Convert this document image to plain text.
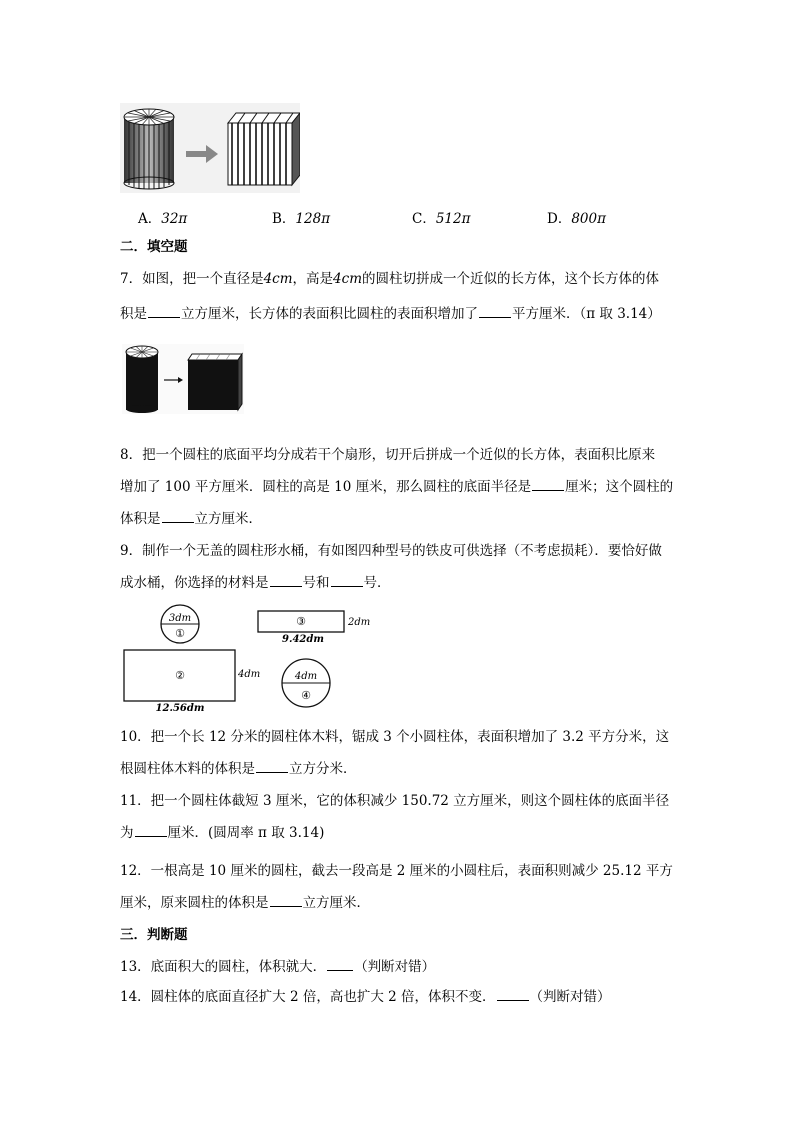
A．32π	B．128π	C．512π	D．800π
二．填空题
7．如图，把一个直径是4cm，高是4cm的圆柱切拼成一个近似的长方体，这个长方体的体
积是	立方厘米，长方体的表面积比圆柱的表面积增加了	平方厘米．（π 取 3.14）
8．把一个圆柱的底面平均分成若干个扇形，切开后拼成一个近似的长方体，表面积比原来
增加了 100 平方厘米．圆柱的高是 10 厘米，那么圆柱的底面半径是	厘米；这个圆柱的
体积是	立方厘米．
9．制作一个无盖的圆柱形水桶，有如图四种型号的铁皮可供选择（不考虑损耗）．要恰好做
成水桶，你选择的材料是	号和	号．
3dm
①
③	2dm
9.42dm
②	4dm
12.56dm
4dm
④
10．把一个长 12 分米的圆柱体木料，锯成 3 个小圆柱体，表面积增加了 3.2 平方分米，这
根圆柱体木料的体积是	立方分米．
11．把一个圆柱体截短 3 厘米，它的体积减少 150.72 立方厘米，则这个圆柱体的底面半径
为	厘米．(圆周率 π 取 3.14)
12．一根高是 10 厘米的圆柱，截去一段高是 2 厘米的小圆柱后，表面积则减少 25.12 平方
厘米，原来圆柱的体积是	立方厘米．
三．判断题
13．底面积大的圆柱，体积就大． （判断对错）
14．圆柱体的底面直径扩大 2 倍，高也扩大 2 倍，体积不变．	（判断对错）
